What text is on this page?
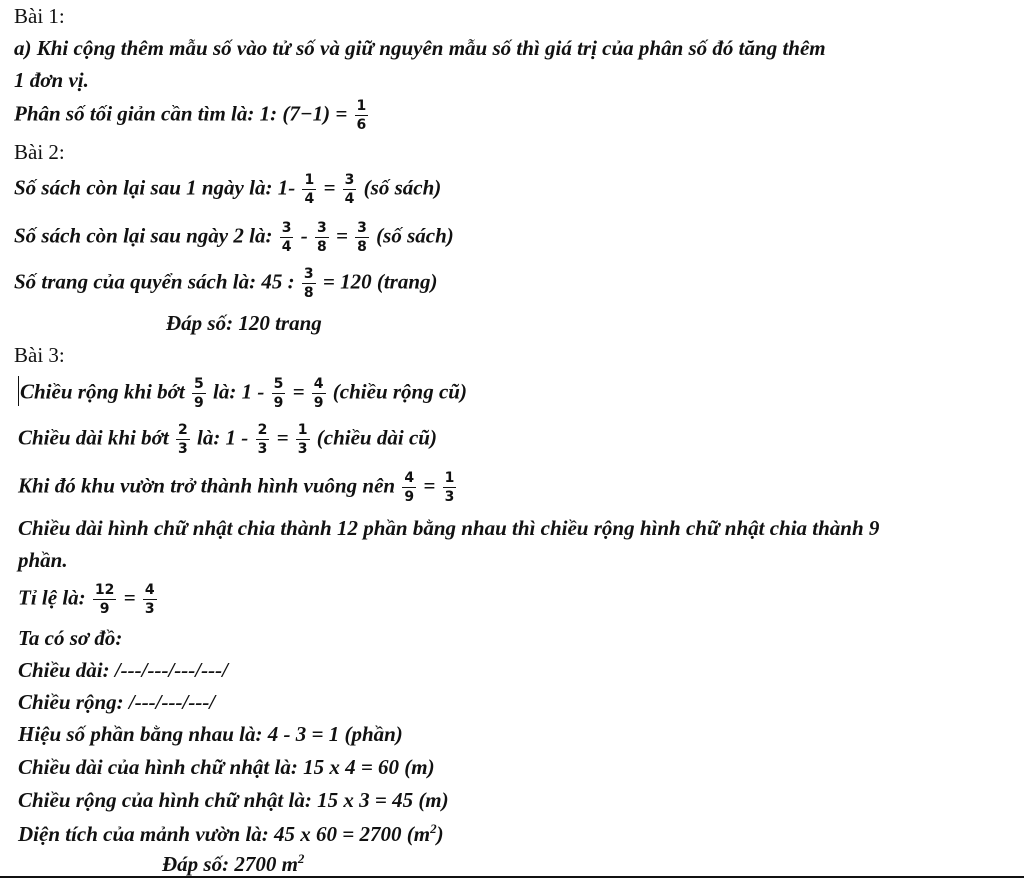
Bài 1:
a) Khi cộng thêm mẫu số vào tử số và giữ nguyên mẫu số thì giá trị của phân số đó tăng thêm
1 đơn vị.
Phân số tối giản cần tìm là: 1: $(7-1) = \frac{1}{6}$
Bài 2:
Số sách còn lại sau 1 ngày là: $1- \frac{1}{4} = \frac{3}{4}$ (số sách)
Số sách còn lại sau ngày 2 là: $\frac{3}{4} - \frac{3}{8} = \frac{3}{8}$ (số sách)
Số trang của quyển sách là: 45 : $\frac{3}{8} = 120$ (trang)
Đáp số: 120 trang
Bài 3:
Chiều rộng khi bớt $\frac{5}{9}$ là: $1 - \frac{5}{9} = \frac{4}{9}$ (chiều rộng cũ)
Chiều dài khi bớt $\frac{2}{3}$ là: $1 - \frac{2}{3} = \frac{1}{3}$ (chiều dài cũ)
Khi đó khu vườn trở thành hình vuông nên $\frac{4}{9} = \frac{1}{3}$
Chiều dài hình chữ nhật chia thành 12 phần bằng nhau thì chiều rộng hình chữ nhật chia thành 9
phần.
Tỉ lệ là: $\frac{12}{9} = \frac{4}{3}$
Ta có sơ đồ:
Chiều dài: /---/---/---/---/
Chiều rộng: /---/---/---/
Hiệu số phần bằng nhau là: 4 - 3 = 1 (phần)
Chiều dài của hình chữ nhật là: 15 x 4 = 60 (m)
Chiều rộng của hình chữ nhật là: 15 x 3 = 45 (m)
Diện tích của mảnh vườn là: 45 x 60 = 2700 $(m^2)$
Đáp số: 2700 $m^2$
